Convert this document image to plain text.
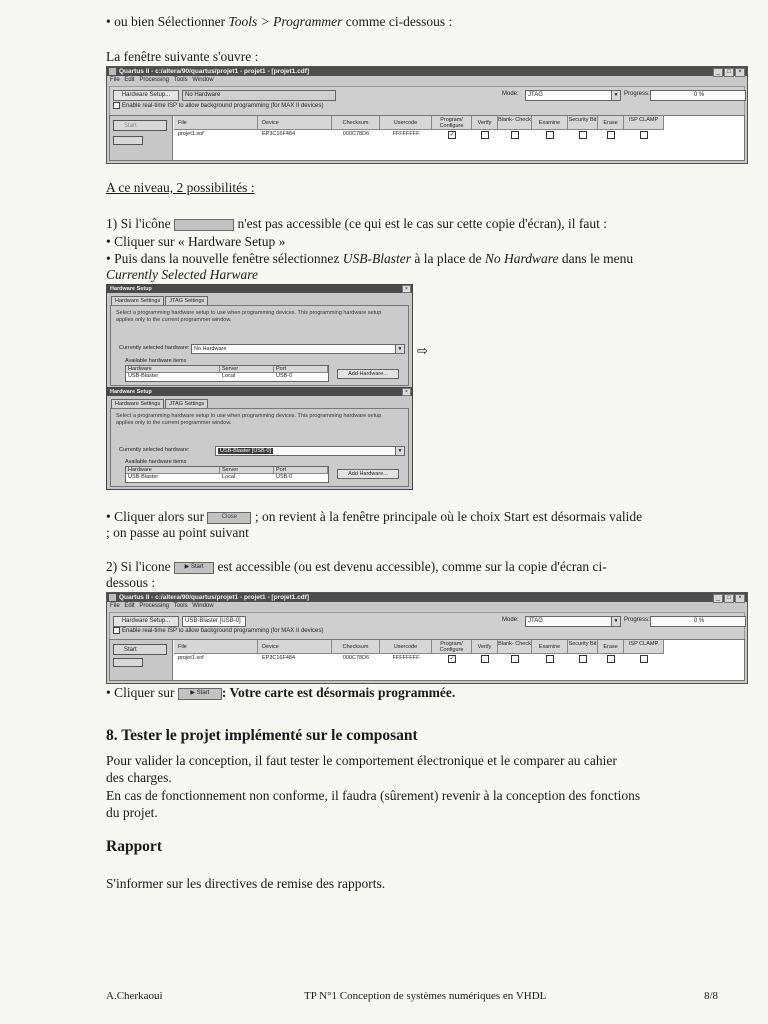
• ou bien Sélectionner Tools > Programmer comme ci-dessous :
La fenêtre suivante s'ouvre :
Quartus II - c:/altera/90/quartus/projet1 - projet1 - [projet1.cdf]	_	□	×
File Edit Processing Tools Window
Hardware Setup...	No Hardware	Mode:	JTAG	▼ Progress:	0 %
Enable real-time ISP to allow background programming (for MAX II devices)
Start	File	Device	Checksum	Usercode	Program/ Configure	Verify	Blank- Check	Examine	Security Bit	Erase	ISP CLAMP
projet1.sof	EP3C16F484	000C78D6	FFFFFFFF	✓
A ce niveau, 2 possibilités :
1) Si l'icône	n'est pas accessible (ce qui est le cas sur cette copie d'écran), il faut :
• Cliquer sur « Hardware Setup »
• Puis dans la nouvelle fenêtre sélectionnez USB-Blaster à la place de No Hardware dans le menu
Currently Selected Harware
Hardware Setup	×
Hardware Settings	JTAG Settings
Select a programming hardware setup to use when programming devices. This programming hardware setup applies only to the current programmer window.
Currently selected hardware: No Hardware	▼
Available hardware items
Hardware	Server	Port
USB-Blaster	Local	USB-0	Add Hardware...
Hardware Setup	×
Hardware Settings	JTAG Settings
Select a programming hardware setup to use when programming devices. This programming hardware setup applies only to the current programmer window.
Currently selected hardware:	USB-Blaster [USB-0]	▼
Available hardware items
Hardware	Server	Port
USB-Blaster	Local	USB-0	Add Hardware...
⇨
• Cliquer alors sur Close ; on revient à la fenêtre principale où le choix Start est désormais valide
; on passe au point suivant
2) Si l'icone ▶ Start est accessible (ou est devenu accessible), comme sur la copie d'écran ci-
dessous :
Quartus II - c:/altera/90/quartus/projet1 - projet1 - [projet1.cdf]	_	□	×
File Edit Processing Tools Window
Hardware Setup...	USB-Blaster [USB-0]	Mode:	JTAG	▼ Progress:	0 %
Enable real-time ISP to allow background programming (for MAX II devices)
Start	File	Device	Checksum	Usercode	Program/ Configure	Verify	Blank- Check	Examine	Security Bit	Erase	ISP CLAMP
projet1.sof	EP3C16F484	000C78D6	FFFFFFFF	✓
• Cliquer sur ▶ Start : Votre carte est désormais programmée.
8. Tester le projet implémenté sur le composant
Pour valider la conception, il faut tester le comportement électronique et le comparer au cahier
des charges.
En cas de fonctionnement non conforme, il faudra (sûrement) revenir à la conception des fonctions
du projet.
Rapport
S'informer sur les directives de remise des rapports.
A.Cherkaoui	TP N°1 Conception de systèmes numériques en VHDL	8/8
